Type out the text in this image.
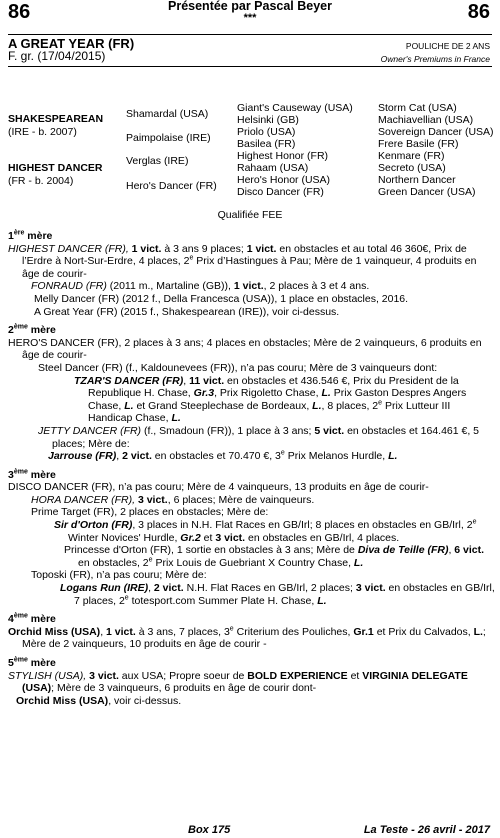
86	86
Présentée par Pascal Beyer
***
A GREAT YEAR (FR)
F. gr. (17/04/2015)
POULICHE DE 2 ANS
Owner's Premiums in France
SHAKESPEAREAN
(IRE - b. 2007)
HIGHEST DANCER
(FR - b. 2004)
Shamardal (USA)
Paimpolaise (IRE)
Verglas (IRE)
Hero's Dancer (FR)
Giant's Causeway (USA)
Helsinki (GB)
Priolo (USA)
Basilea (FR)
Highest Honor (FR)
Rahaam (USA)
Hero's Honor (USA)
Disco Dancer (FR)
Storm Cat (USA)
Machiavellian (USA)
Sovereign Dancer (USA)
Frere Basile (FR)
Kenmare (FR)
Secreto (USA)
Northern Dancer
Green Dancer (USA)
Qualifiée FEE

1ère mère

HIGHEST DANCER (FR), 1 vict. à 3 ans 9 places; 1 vict. en obstacles et au total 46 360€, Prix de l’Erdre à Nort-Sur-Erdre, 4 places, 2e Prix d’Hastingues à Pau; Mère de 1 vainqueur, 4 produits en âge de courir-

FONRAUD (FR) (2011 m., Martaline (GB)), 1 vict., 2 places à 3 et 4 ans.

Melly Dancer (FR) (2012 f., Della Francesca (USA)), 1 place en obstacles, 2016.

A Great Year (FR) (2015 f., Shakespearean (IRE)), voir ci-dessus.

2ème mère

HERO'S DANCER (FR), 2 places à 3 ans; 4 places en obstacles; Mère de 2 vainqueurs, 6 produits en âge de courir-

Steel Dancer (FR) (f., Kaldounevees (FR)), n’a pas couru; Mère de 3 vainqueurs dont:

TZAR'S DANCER (FR), 11 vict. en obstacles et 436.546 €, Prix du President de la Republique H. Chase, Gr.3, Prix Rigoletto Chase, L. Prix Gaston Despres Angers Chase, L. et Grand Steeplechase de Bordeaux, L., 8 places, 2e Prix Lutteur III Handicap Chase, L.

JETTY DANCER (FR) (f., Smadoun (FR)), 1 place à 3 ans; 5 vict. en obstacles et 164.461 €, 5 places; Mère de:

Jarrouse (FR), 2 vict. en obstacles et 70.470 €, 3e Prix Melanos Hurdle, L.

3ème mère

DISCO DANCER (FR), n’a pas couru; Mère de 4 vainqueurs, 13 produits en âge de courir-

HORA DANCER (FR), 3 vict., 6 places; Mère de vainqueurs.

Prime Target (FR), 2 places en obstacles; Mère de:

Sir d'Orton (FR), 3 places in N.H. Flat Races en GB/Irl; 8 places en obstacles en GB/Irl, 2e Winter Novices' Hurdle, Gr.2 et 3 vict. en obstacles en GB/Irl, 4 places.

Princesse d'Orton (FR), 1 sortie en obstacles à 3 ans; Mère de Diva de Teille (FR), 6 vict. en obstacles, 2e Prix Louis de Guebriant X Country Chase, L.

Toposki (FR), n’a pas couru; Mère de:

Logans Run (IRE), 2 vict. N.H. Flat Races en GB/Irl, 2 places; 3 vict. en obstacles en GB/Irl, 7 places, 2e totesport.com Summer Plate H. Chase, L.

4ème mère

Orchid Miss (USA), 1 vict. à 3 ans, 7 places, 3e Criterium des Pouliches, Gr.1 et Prix du Calvados, L.; Mère de 2 vainqueurs, 10 produits en âge de courir -

5ème mère

STYLISH (USA), 3 vict. aux USA; Propre soeur de BOLD EXPERIENCE et VIRGINIA DELEGATE (USA); Mère de 3 vainqueurs, 6 produits en âge de courir dont-

Orchid Miss (USA), voir ci-dessus.

Box 175	La Teste - 26 avril - 2017
